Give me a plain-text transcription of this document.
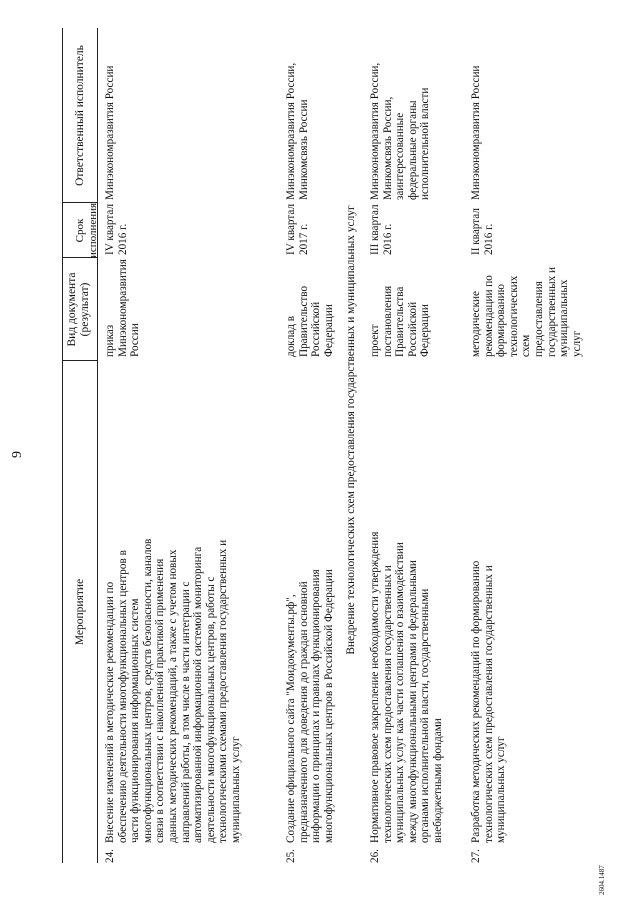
9
Мероприятие
Вид документа
(результат)
Срок исполнения
Ответственный исполнитель
24.
Внесение изменений в методические рекомендации по
обеспечению деятельности многофункциональных центров в
части функционирования информационных систем
многофункциональных центров, средств безопасности, каналов
связи в соответствии с накопленной практикой применения
данных методических рекомендаций, а также с учетом новых
направлений работы, в том числе в части интеграции с
автоматизированной информационной системой мониторинга
деятельности многофункциональных центров, работы с
технологическими схемами предоставления государственных и
муниципальных услуг
приказ
Минэкономразвития
России
IV квартал 2016 г.
Минэкономразвития России
25.
Создание официального сайта "Моидокументы.рф",
предназначенного для доведения до граждан основной
информации о принципах и правилах функционирования
многофункциональных центров в Российской Федерации
доклад в Правительство
Российской Федерации
IV квартал 2017 г.
Минэкономразвития России,
Минкомсвязь России
Внедрение технологических схем предоставления государственных и муниципальных услуг
26.
Нормативное правовое закрепление необходимости утверждения
технологических схем предоставления государственных и
муниципальных услуг как части соглашения о взаимодействии
между многофункциональными центрами и федеральными
органами исполнительной власти, государственными
внебюджетными фондами
проект постановления
Правительства
Российской Федерации
III квартал 2016 г.
Минэкономразвития России,
Минкомсвязь России,
заинтересованные
федеральные органы
исполнительной власти
27.
Разработка методических рекомендаций по формированию
технологических схем предоставления государственных и
муниципальных услуг
методические
рекомендации по
формированию
технологических схем
предоставления
государственных и
муниципальных услуг
II квартал 2016 г.
Минэкономразвития России
2604.1487
